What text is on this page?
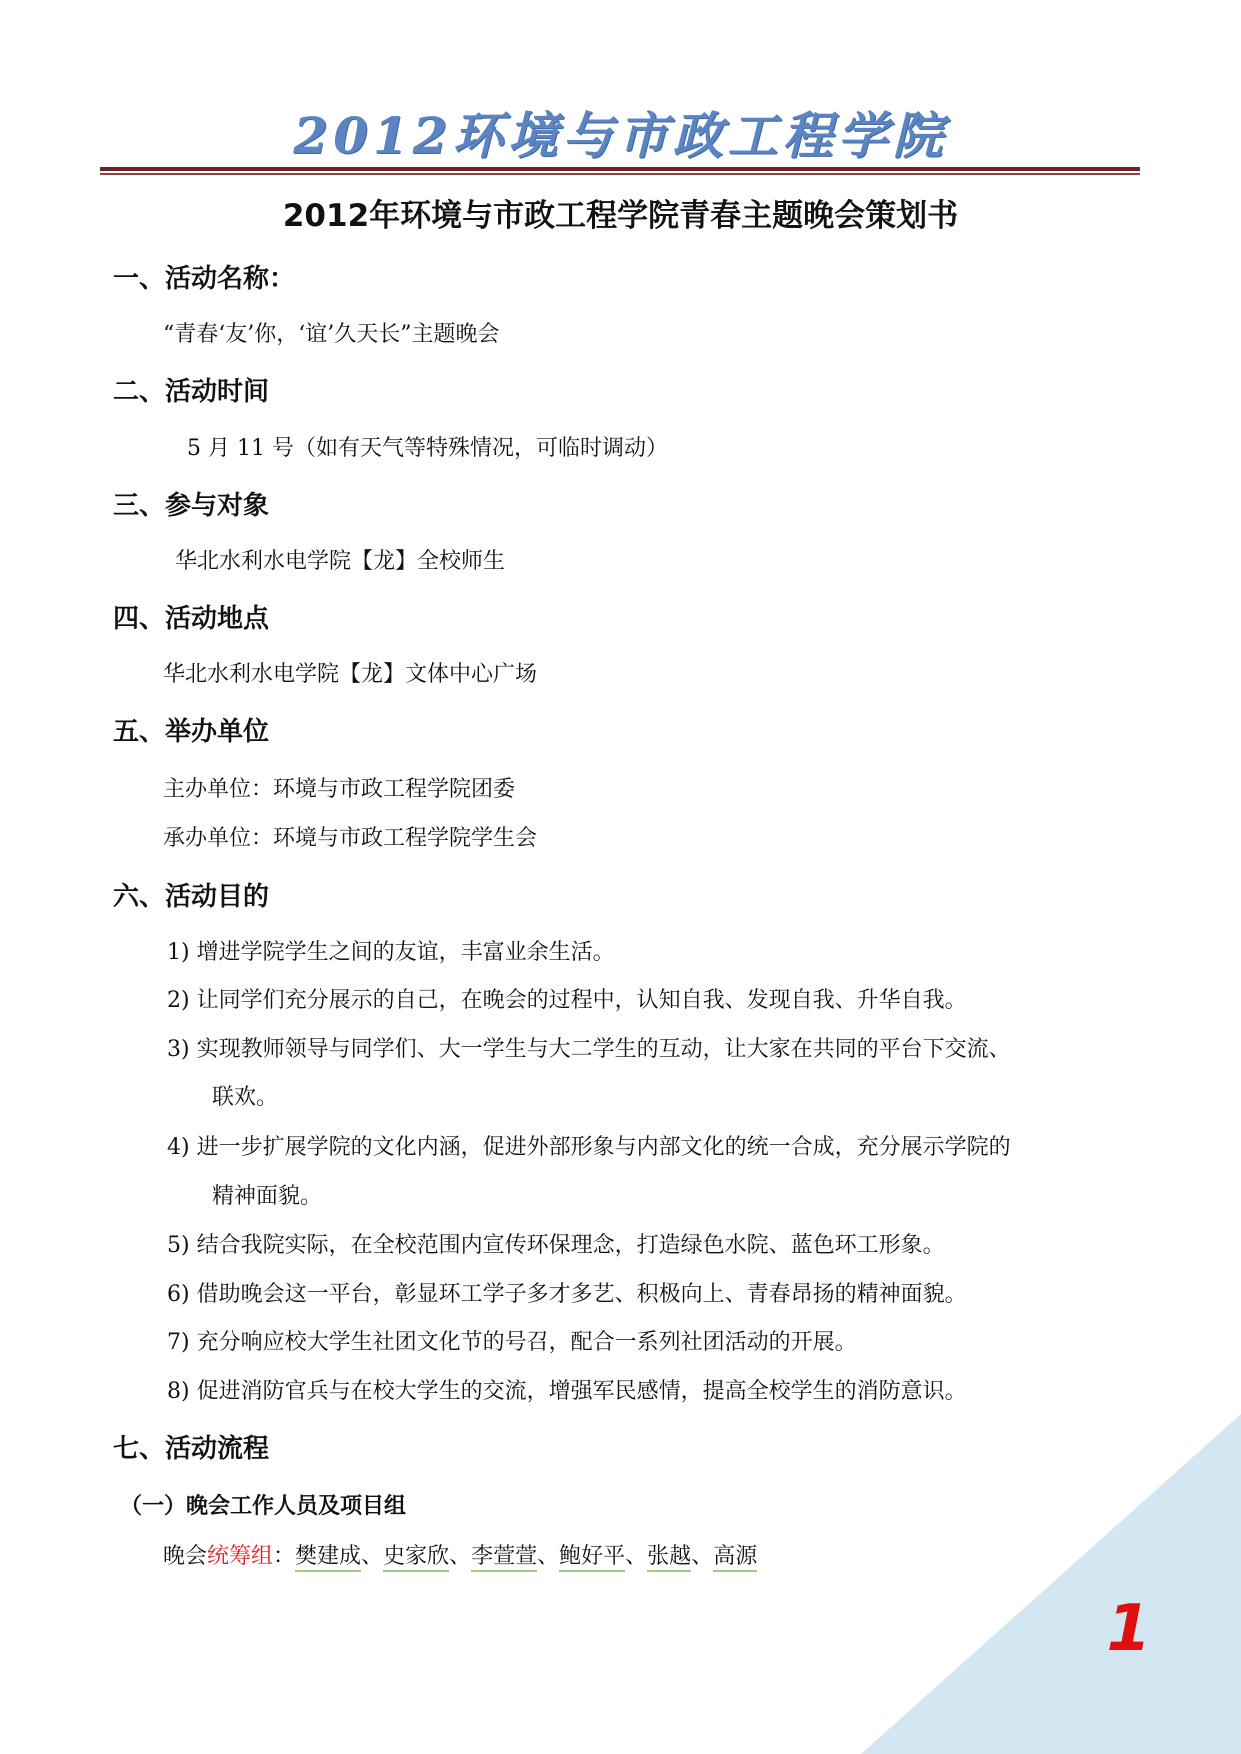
2012环境与市政工程学院
2012年环境与市政工程学院青春主题晚会策划书
一、活动名称：
“青春‘友’你，‘谊’久天长”主题晚会
二、活动时间
5 月 11 号（如有天气等特殊情况，可临时调动）
三、参与对象
华北水利水电学院【龙】全校师生
四、活动地点
华北水利水电学院【龙】文体中心广场
五、举办单位
主办单位：环境与市政工程学院团委
承办单位：环境与市政工程学院学生会
六、活动目的
1) 增进学院学生之间的友谊，丰富业余生活。
2) 让同学们充分展示的自己，在晚会的过程中，认知自我、发现自我、升华自我。
3) 实现教师领导与同学们、大一学生与大二学生的互动，让大家在共同的平台下交流、
联欢。
4) 进一步扩展学院的文化内涵，促进外部形象与内部文化的统一合成，充分展示学院的
精神面貌。
5) 结合我院实际，在全校范围内宣传环保理念，打造绿色水院、蓝色环工形象。
6) 借助晚会这一平台，彰显环工学子多才多艺、积极向上、青春昂扬的精神面貌。
7) 充分响应校大学生社团文化节的号召，配合一系列社团活动的开展。
8) 促进消防官兵与在校大学生的交流，增强军民感情，提高全校学生的消防意识。
七、活动流程
（一）晚会工作人员及项目组
晚会统筹组：樊建成、史家欣、李萱萱、鲍好平、张越、高源
1
